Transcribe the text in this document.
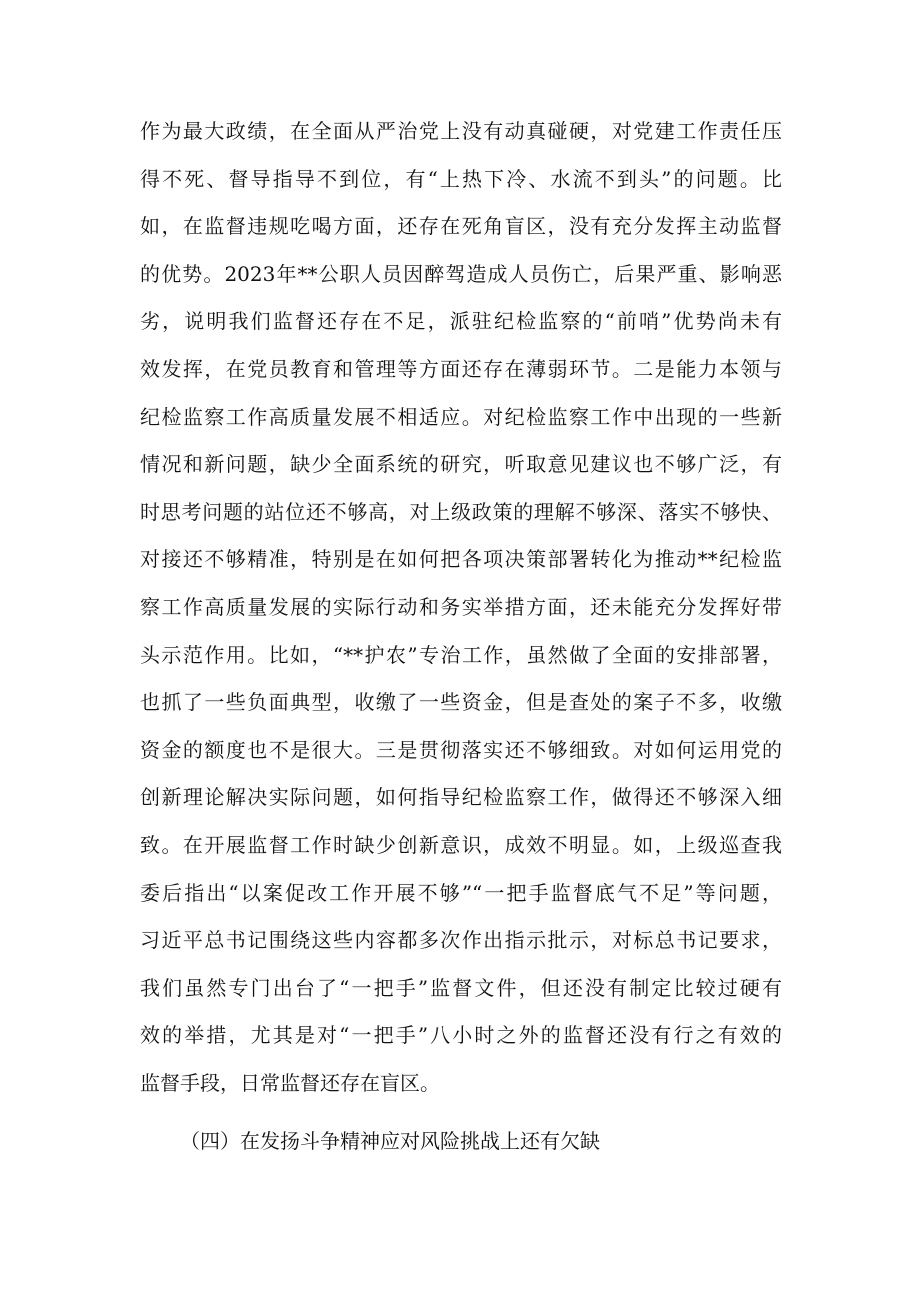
作为最大政绩，在全面从严治党上没有动真碰硬，对党建工作责任压
得不死、督导指导不到位，有“上热下冷、水流不到头”的问题。比
如，在监督违规吃喝方面，还存在死角盲区，没有充分发挥主动监督
的优势。2023年**公职人员因醉驾造成人员伤亡，后果严重、影响恶
劣，说明我们监督还存在不足，派驻纪检监察的“前哨”优势尚未有
效发挥，在党员教育和管理等方面还存在薄弱环节。二是能力本领与
纪检监察工作高质量发展不相适应。对纪检监察工作中出现的一些新
情况和新问题，缺少全面系统的研究，听取意见建议也不够广泛，有
时思考问题的站位还不够高，对上级政策的理解不够深、落实不够快、
对接还不够精准，特别是在如何把各项决策部署转化为推动**纪检监
察工作高质量发展的实际行动和务实举措方面，还未能充分发挥好带
头示范作用。比如，“**护农”专治工作，虽然做了全面的安排部署，
也抓了一些负面典型，收缴了一些资金，但是查处的案子不多，收缴
资金的额度也不是很大。三是贯彻落实还不够细致。对如何运用党的
创新理论解决实际问题，如何指导纪检监察工作，做得还不够深入细
致。在开展监督工作时缺少创新意识，成效不明显。如，上级巡查我
委后指出“以案促改工作开展不够”“一把手监督底气不足”等问题，
习近平总书记围绕这些内容都多次作出指示批示，对标总书记要求，
我们虽然专门出台了“一把手”监督文件，但还没有制定比较过硬有
效的举措，尤其是对“一把手”八小时之外的监督还没有行之有效的
监督手段，日常监督还存在盲区。
（四）在发扬斗争精神应对风险挑战上还有欠缺
